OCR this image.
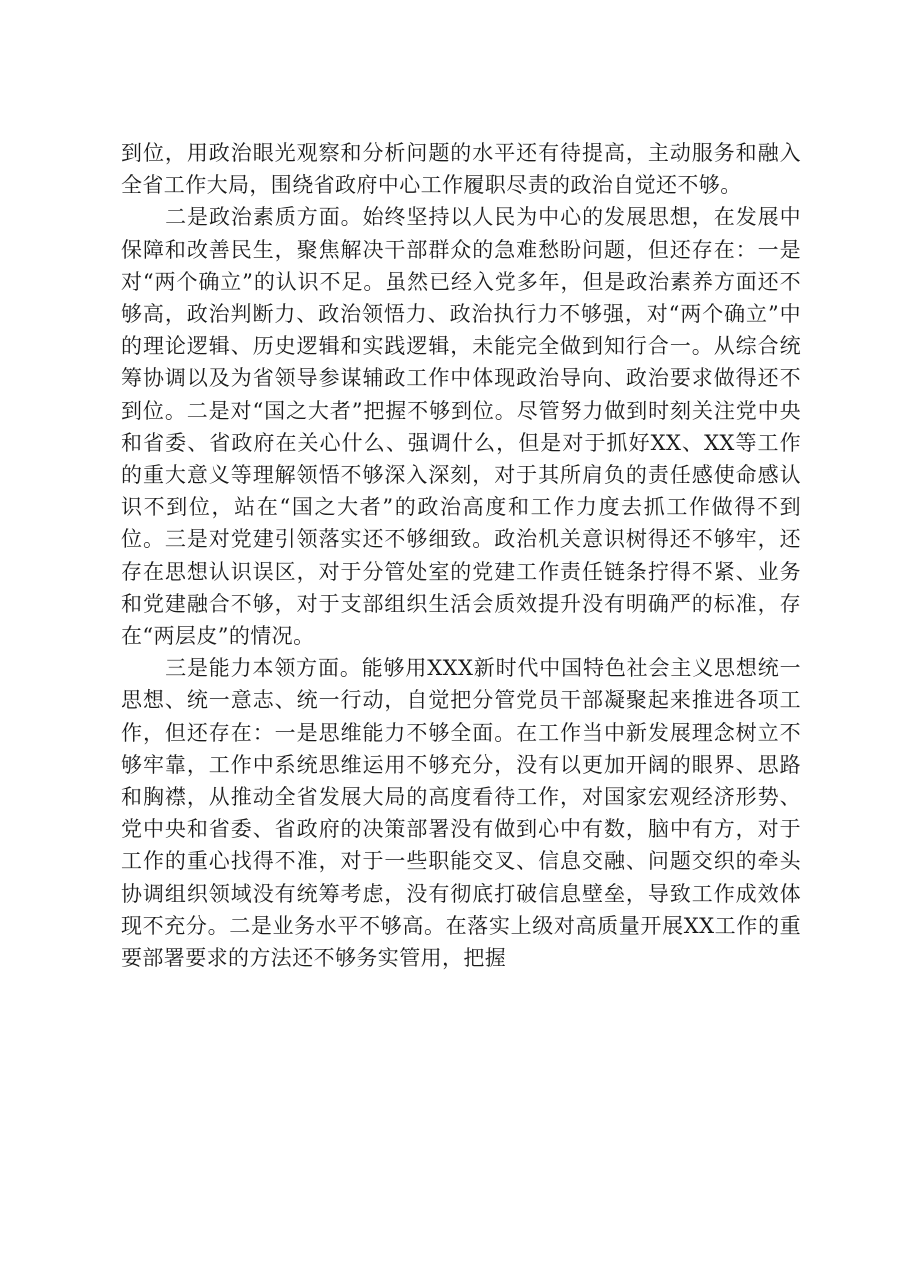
到位，用政治眼光观察和分析问题的水平还有待提高，主动服务和融入全省工作大局，围绕省政府中心工作履职尽责的政治自觉还不够。

二是政治素质方面。始终坚持以人民为中心的发展思想，在发展中保障和改善民生，聚焦解决干部群众的急难愁盼问题，但还存在：一是对“两个确立”的认识不足。虽然已经入党多年，但是政治素养方面还不够高，政治判断力、政治领悟力、政治执行力不够强，对“两个确立”中的理论逻辑、历史逻辑和实践逻辑，未能完全做到知行合一。从综合统筹协调以及为省领导参谋辅政工作中体现政治导向、政治要求做得还不到位。二是对“国之大者”把握不够到位。尽管努力做到时刻关注党中央和省委、省政府在关心什么、强调什么，但是对于抓好XX、XX等工作的重大意义等理解领悟不够深入深刻，对于其所肩负的责任感使命感认识不到位，站在“国之大者”的政治高度和工作力度去抓工作做得不到位。三是对党建引领落实还不够细致。政治机关意识树得还不够牢，还存在思想认识误区，对于分管处室的党建工作责任链条拧得不紧、业务和党建融合不够，对于支部组织生活会质效提升没有明确严的标准，存在“两层皮”的情况。

三是能力本领方面。能够用XXX新时代中国特色社会主义思想统一思想、统一意志、统一行动，自觉把分管党员干部凝聚起来推进各项工作，但还存在：一是思维能力不够全面。在工作当中新发展理念树立不够牢靠，工作中系统思维运用不够充分，没有以更加开阔的眼界、思路和胸襟，从推动全省发展大局的高度看待工作，对国家宏观经济形势、党中央和省委、省政府的决策部署没有做到心中有数，脑中有方，对于工作的重心找得不准，对于一些职能交叉、信息交融、问题交织的牵头协调组织领域没有统筹考虑，没有彻底打破信息壁垒，导致工作成效体现不充分。二是业务水平不够高。在落实上级对高质量开展XX工作的重要部署要求的方法还不够务实管用，把握
